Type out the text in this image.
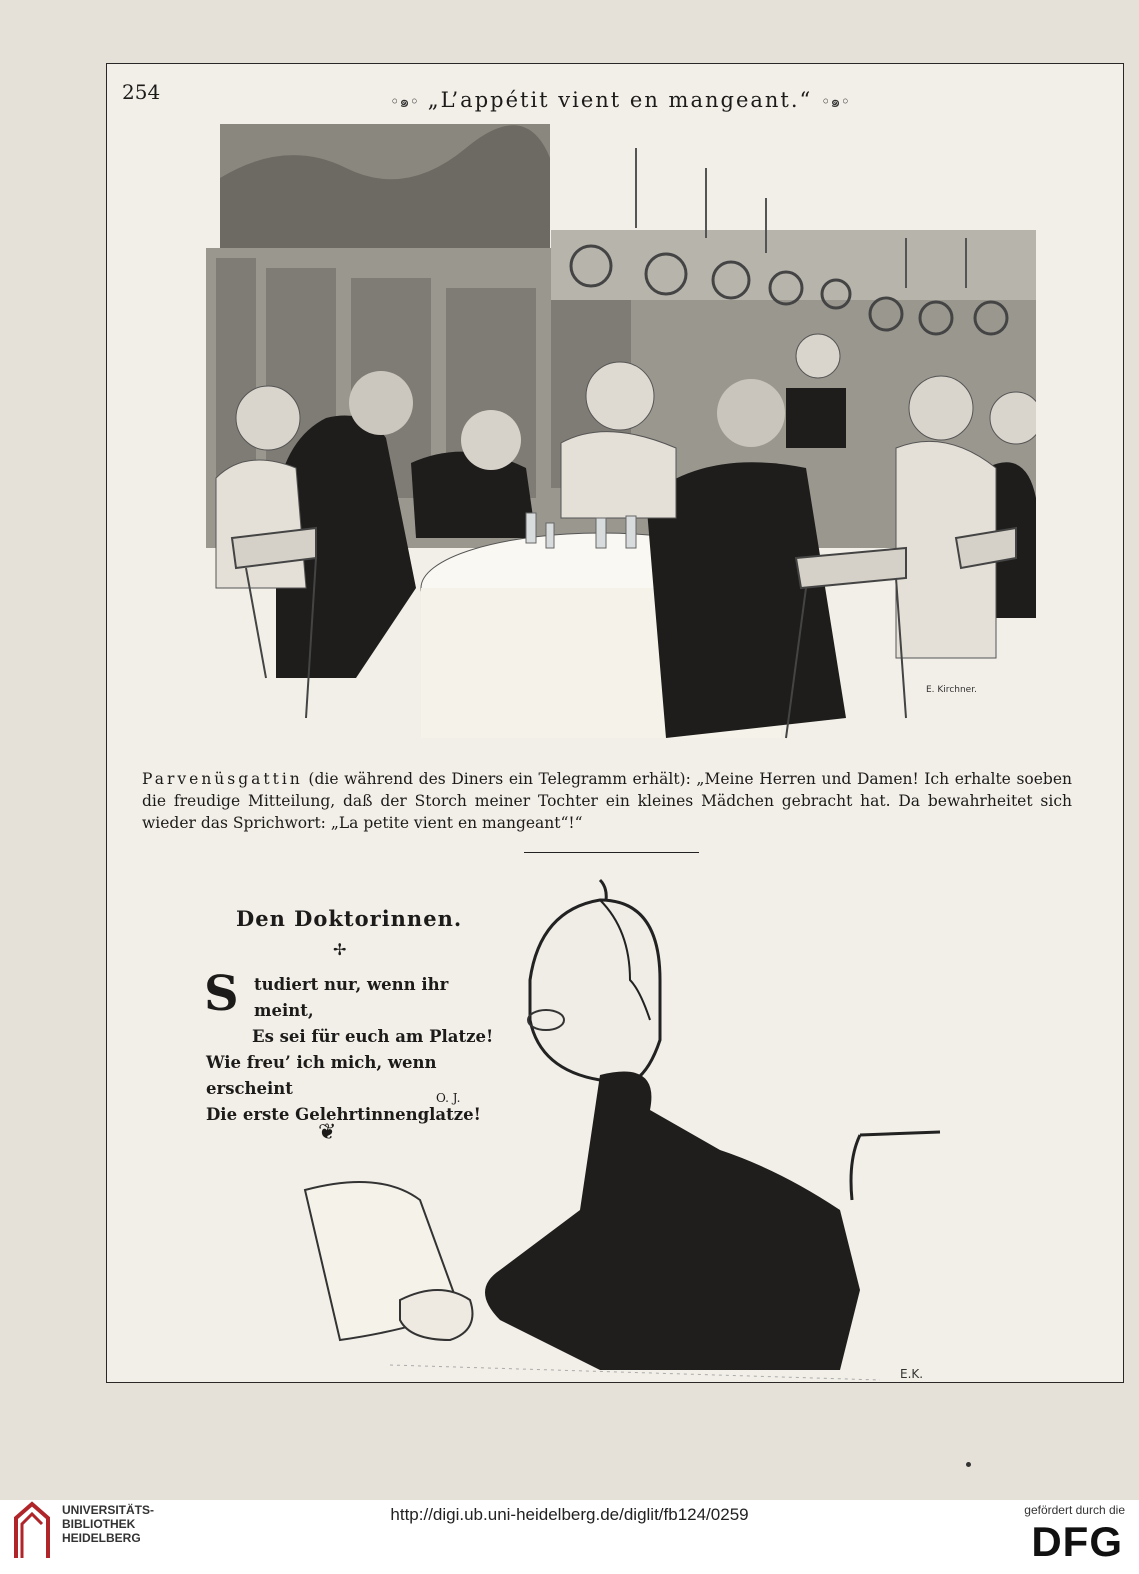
254	◦๑◦ „L’appétit vient en mangeant.“ ◦๑◦
E. Kirchner.
Parvenüsgattin (die während des Diners ein Telegramm erhält): „Meine Herren und Damen! Ich erhalte soeben die freudige Mitteilung, daß der Storch meiner Tochter ein kleines Mädchen gebracht hat. Da bewahrheitet sich wieder das Sprichwort: „La petite vient en mangeant“!“
Den Doktorinnen.
✢
S tudiert nur, wenn ihr meint,
Es sei für euch am Platze!
Wie freu’ ich mich, wenn erscheint
Die erste Gelehrtinnenglatze!
O. J.
❦
E.K.
UNIVERSITÄTS-
BIBLIOTHEK
HEIDELBERG
http://digi.ub.uni-heidelberg.de/diglit/fb124/0259	gefördert durch die
DFG
